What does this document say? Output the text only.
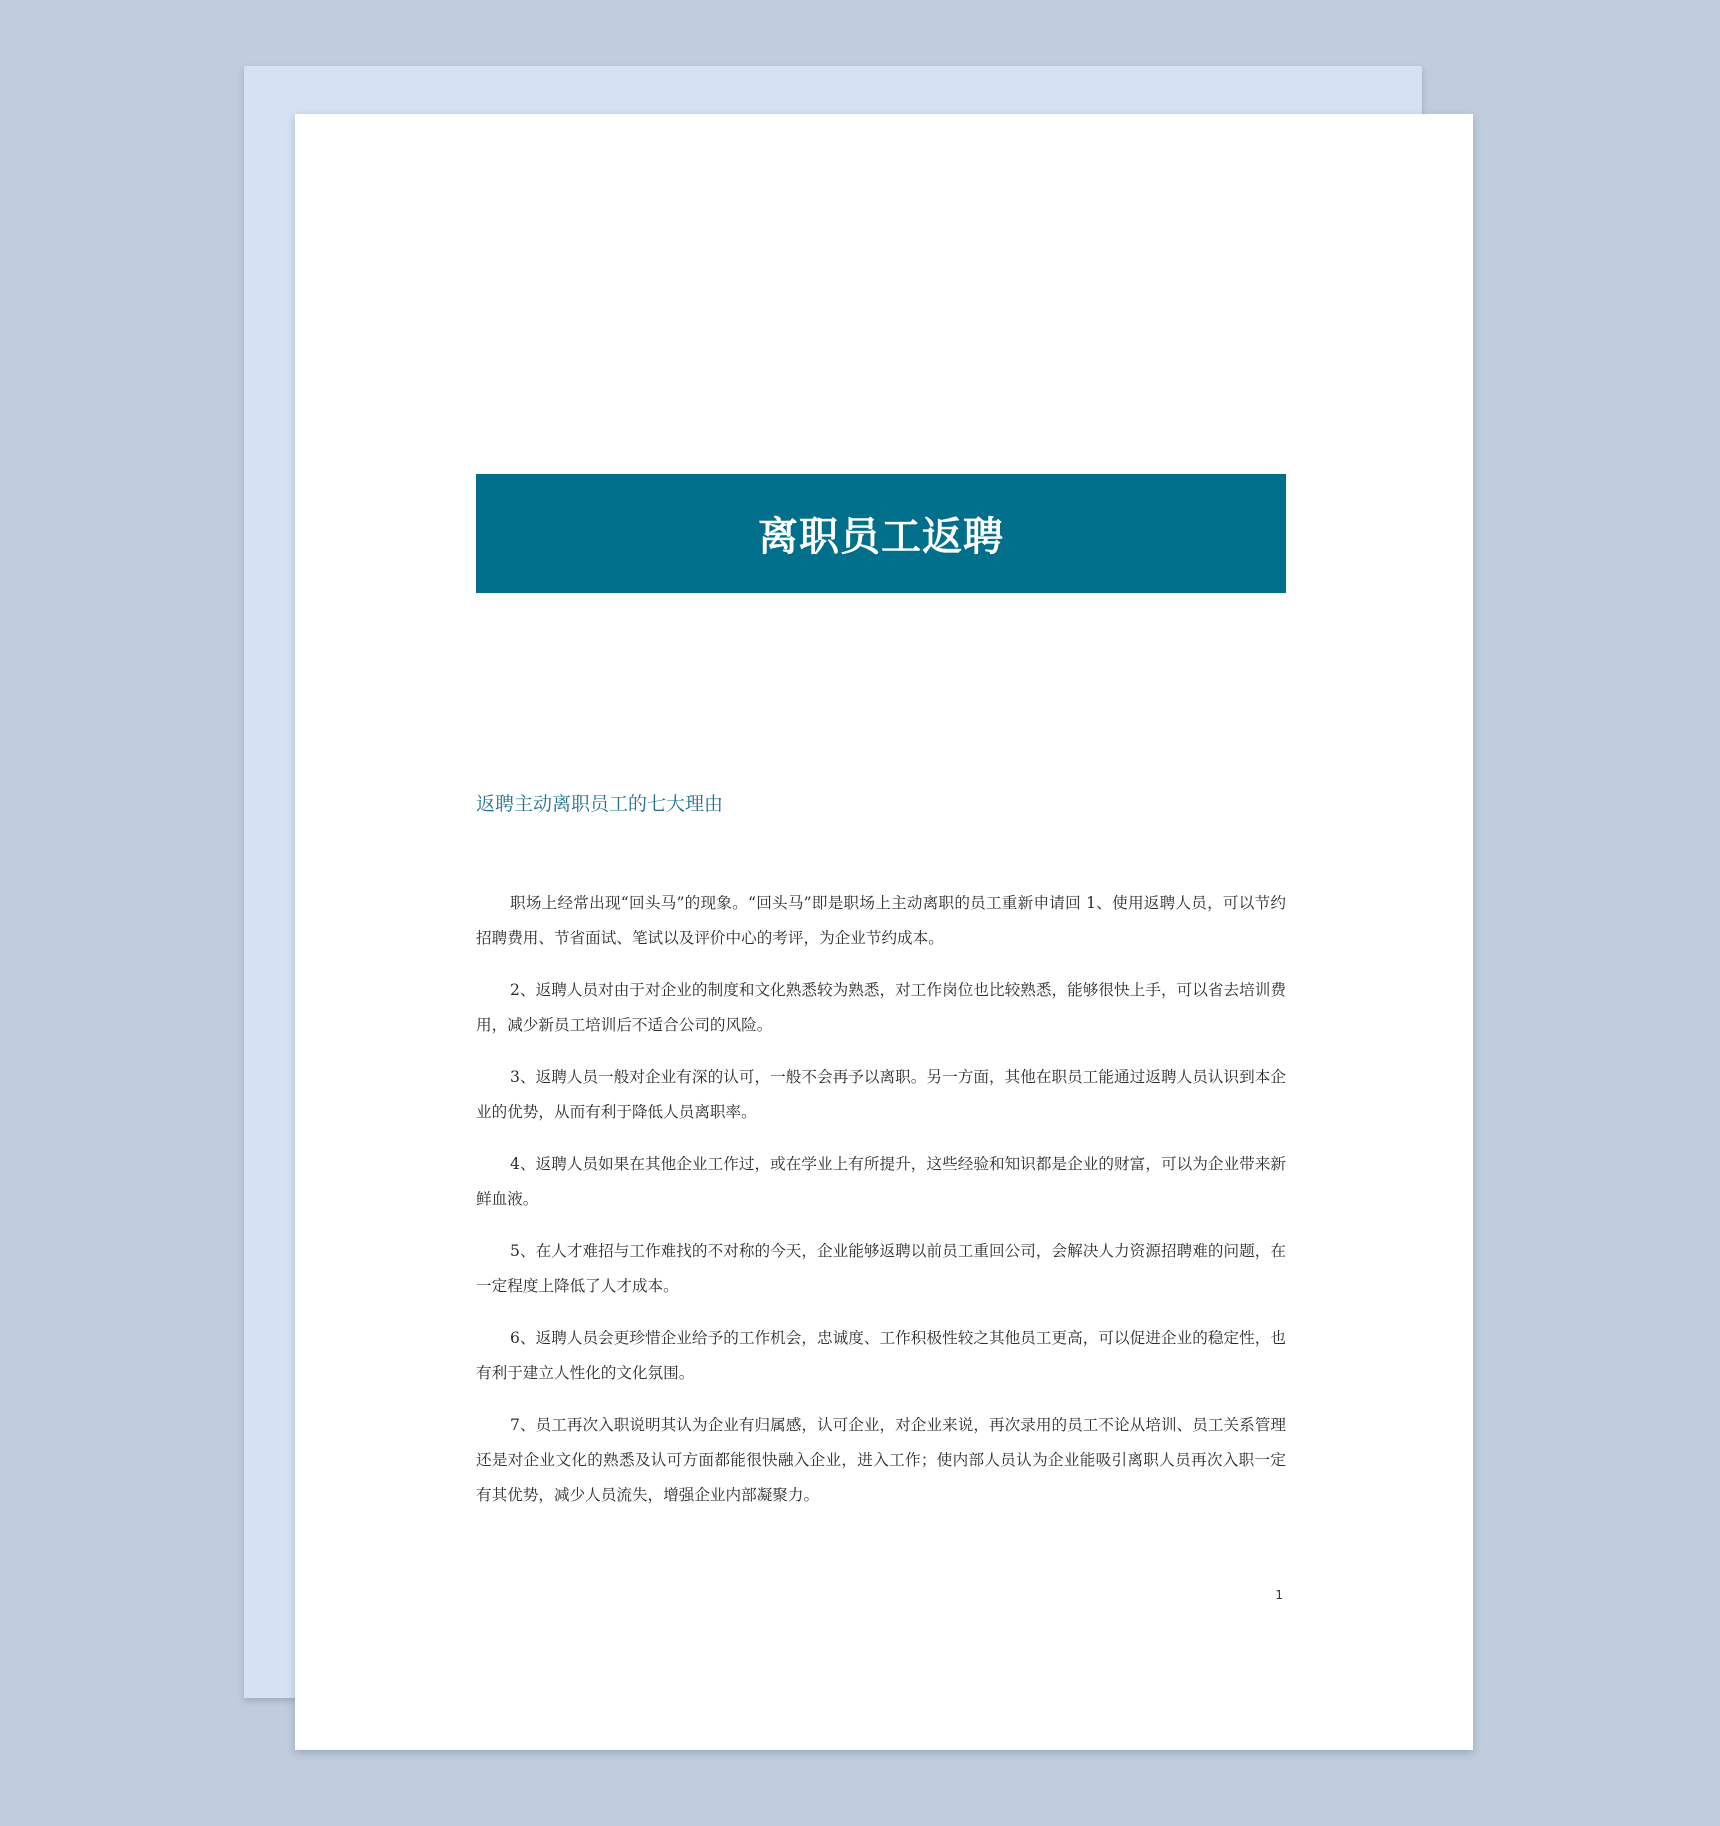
离职员工返聘
返聘主动离职员工的七大理由

职场上经常出现“回头马”的现象。“回头马”即是职场上主动离职的员工重新申请回 1、使用返聘人员，可以节约招聘费用、节省面试、笔试以及评价中心的考评，为企业节约成本。

2、返聘人员对由于对企业的制度和文化熟悉较为熟悉，对工作岗位也比较熟悉，能够很快上手，可以省去培训费用，减少新员工培训后不适合公司的风险。

3、返聘人员一般对企业有深的认可，一般不会再予以离职。另一方面，其他在职员工能通过返聘人员认识到本企业的优势，从而有利于降低人员离职率。

4、返聘人员如果在其他企业工作过，或在学业上有所提升，这些经验和知识都是企业的财富，可以为企业带来新鲜血液。

5、在人才难招与工作难找的不对称的今天，企业能够返聘以前员工重回公司，会解决人力资源招聘难的问题，在一定程度上降低了人才成本。

6、返聘人员会更珍惜企业给予的工作机会，忠诚度、工作积极性较之其他员工更高，可以促进企业的稳定性，也有利于建立人性化的文化氛围。

7、员工再次入职说明其认为企业有归属感，认可企业，对企业来说，再次录用的员工不论从培训、员工关系管理还是对企业文化的熟悉及认可方面都能很快融入企业，进入工作；使内部人员认为企业能吸引离职人员再次入职一定有其优势，减少人员流失，增强企业内部凝聚力。

1
